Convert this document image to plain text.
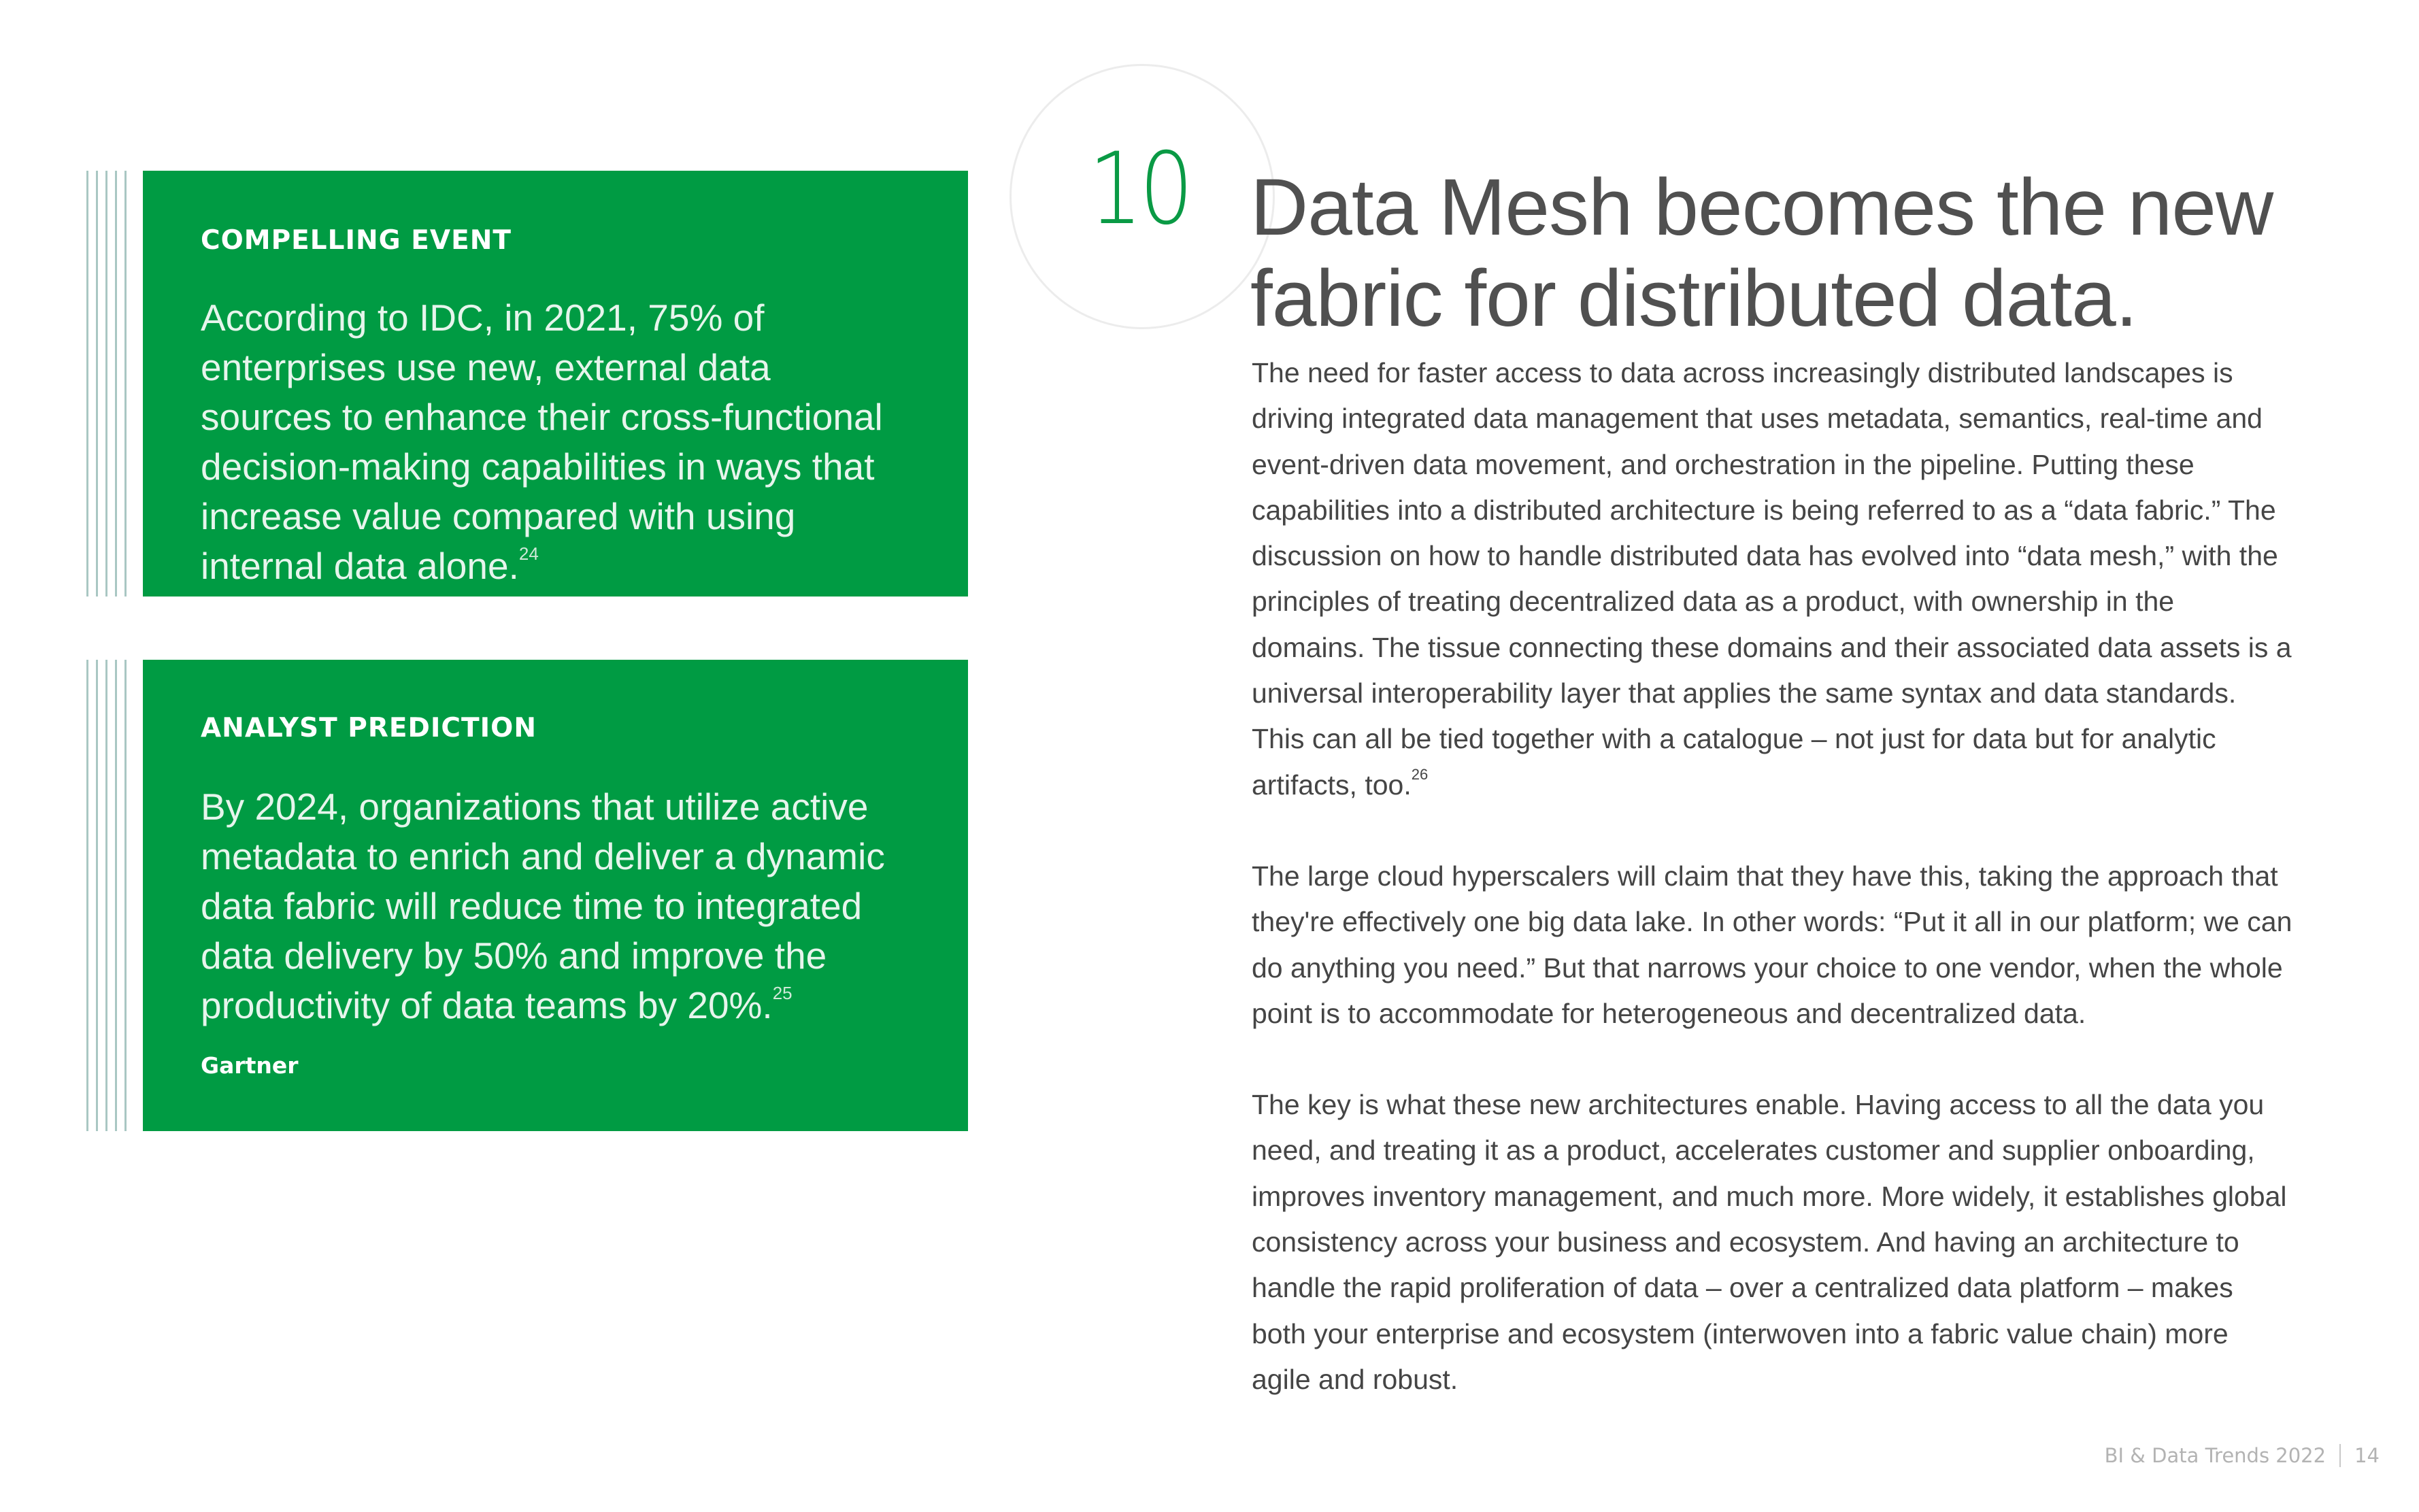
COMPELLING EVENT

According to IDC, in 2021, 75% of enterprises use new, external data sources to enhance their cross-functional decision-making capabilities in ways that increase value compared with using internal data alone.$^{24}$

ANALYST PREDICTION

By 2024, organizations that utilize active metadata to enrich and deliver a dynamic data fabric will reduce time to integrated data delivery by 50% and improve the productivity of data teams by 20%.$^{25}$

Gartner

10 Data Mesh becomes the new fabric for distributed data.

The need for faster access to data across increasingly distributed landscapes is driving integrated data management that uses metadata, semantics, real-time and event-driven data movement, and orchestration in the pipeline. Putting these capabilities into a distributed architecture is being referred to as a “data fabric.” The discussion on how to handle distributed data has evolved into “data mesh,” with the principles of treating decentralized data as a product, with ownership in the domains. The tissue connecting these domains and their associated data assets is a universal interoperability layer that applies the same syntax and data standards. This can all be tied together with a catalogue – not just for data but for analytic artifacts, too.$^{26}$

The large cloud hyperscalers will claim that they have this, taking the approach that they're effectively one big data lake. In other words: “Put it all in our platform; we can do anything you need.” But that narrows your choice to one vendor, when the whole point is to accommodate for heterogeneous and decentralized data.

The key is what these new architectures enable. Having access to all the data you need, and treating it as a product, accelerates customer and supplier onboarding, improves inventory management, and much more. More widely, it establishes global consistency across your business and ecosystem. And having an architecture to handle the rapid proliferation of data – over a centralized data platform – makes both your enterprise and ecosystem (interwoven into a fabric value chain) more agile and robust.

BI & Data Trends 2022 14
